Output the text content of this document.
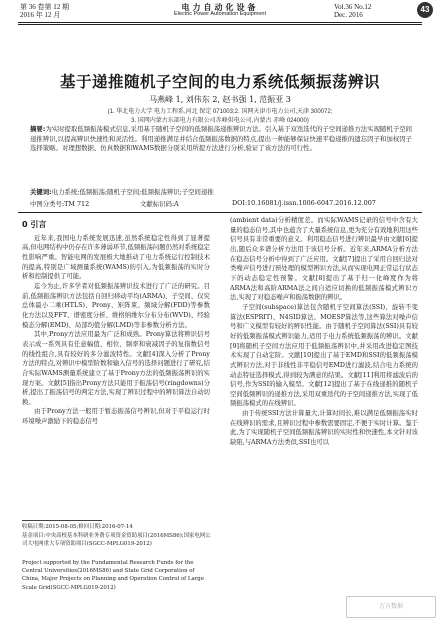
第 36 卷第 12 期
2016 年 12 月
电力自动化设备
Electric Power Automation Equipment
Vol.36 No.12
Dec. 2016
43
基于递推随机子空间的电力系统低频振荡辨识
马燕峰 1, 刘伟东 2, 赵书强 1, 范振亚 3
(1. 华北电力大学 电力工程系,河北 保定 071003;2. 国网天津市电力公司,天津 300072;
3. 国网内蒙古东部电力有限公司赤峰供电公司,内蒙古 赤峰 024000)
摘要:为实时提取低频振荡模式信息,采用基于随机子空间的低频振荡递推辨识方法。引入基于双迭选代的子空间递推方法实现随机子空间递推辨识,以提高辨识快速性和灵活性。利用递推满足并结合低频振荡数据的特点,提出一种能够保证快速平稳递推的遗忘因子和加权因子选择策略。对理想数据、仿真数据和WAMS数据分别采用所提方法进行分析,验证了该方法的可行性。
关键词:电力系统;低频振荡;随机子空间;低频振荡辨识;子空间递推
中图分类号:TM 712	文献标识码:A	DOI:10.16081/j.issn.1006-6047.2016.12.007
0 引言

近年来,我国电力系统发展迅速,虽然系统稳定性得到了显著提高,但电网结构中仍存在许多薄弱环节,低频振荡问题仍然对系统稳定性影响严重。智能电网的发展极大地推动了电力系统运行控制技术的提高,特别是广域测量系统(WAMS)的引入,为低频振荡的实时分析和控制提供了可能。

迄今为止,许多学者对低频振荡辨识技术进行了广泛的研究。目前,低频振荡辨识方法包括自回归移动平均(ARMA)、子空间、仅究总体最小二乘(HTLS)、Prony、矩阵束、频域分解(FDD)等参数化方法以及FFT、谱密度分析、维格纳维尔分布分布(WVD)、经验模态分解(EMD)、局部均值分解(LMD)等非参数分析方法。

其中,Prony方法应用最为广泛和成熟。Prony算法将辨识信号表示成一系列具有任意幅值、相位、频率和衰减因子的复指数信号的线性组合,具有较好的多分滤波特性。文献[4]深入分析了Prony方法的特点,对辨识中模型阶数和输入信号的选择问题进行了研究,结合实际WAMS测量系统建立了基于Prony方法的低频振荡辨识的实现方案。文献[5]指出Prony方法只能用于振荡信号(ringdowns)分析,提出了振荡信号的判定方法,实现了辨识过程中的辨识算法自动切换。

由于Prony方法一般用于暂态振荡信号辨识,但对于平稳运行时环境噪声激励下的稳态信号

收稿日期:2015-08-05;修回日期:2016-07-14
基金项目:中央高校基本科研业务费专项资金资助项目(2016MS86);国家电网公司大电网重大专项资助项目(SGCC-MPLG019-2012)
Project supported by the Fundamental Research Funds for the Central Universities(2016MS86) and State Grid Corporation of China, Major Projects on Planning and Operation Control of Large Scale Grid(SGCC-MPLG019-2012)

(ambient data)分析精度差。而实际WAMS记录的信号中含有大量的稳态信号,其中也蕴含了大量系统信息,更为充分有效地利用这些信号具有非常重要的意义。利用稳态信号进行辨识最早由文献[6]提出,随后众多谱分析方法用于该信号分析。近年来,ARMA分析方法在稳态信号分析中得到了广泛应用。文献[7]提出了采用自回归法对类噪声信号进行预处理的模型辨识方法,从而实现电网正常运行状态下的动态稳定性预警。文献[8]提出了基于归一化峰度作为将ARMA法和高阶ARMA法之间自适应切换的低频振荡模式辨识方法,实现了对稳态噪声和振荡数据的辨识。

子空间(subspace)算法包含随机子空间算法(SSI)、旋转不变算法(ESPRIT)、N4SID算法、MOESP算法等,这些算法对噪声信号和广义模型有较好的辨识性能。由于随机子空间算法(SSI)具有较好的低频振荡模式辨识能力,适用于电力系统低频振荡的辨识。文献[9]将随机子空间方法应用于低频振荡辨识中,并采用改进稳定图技术实现了自动定阶。文献[10]提出了基于EMD和SSI的低频振荡模式辨识方法,对于非线性非平稳信号EMD进行滤波,结合电力系统的动态特征选择模式,得到较为满意的结果。文献[11]利用将滤波后的信号,作为SSI的输入模型。文献[12]提出了基于在线递推的随机子空间低频辨识的递推方法,采用双重迭代的子空间递推方法,实现了低频振荡模式的在线辨识。

由于传统SSI方法计算量大,计算时间长,难以满足低频振荡实时在线辨识的需求,且辨识过程中参数需要固定,不便于实时计算。鉴于此,为了实现随机子空间低频振荡辨识的实时性和快速性,本文针对该缺陷,与ARMA方法类似,SSI也可以

万方数据
